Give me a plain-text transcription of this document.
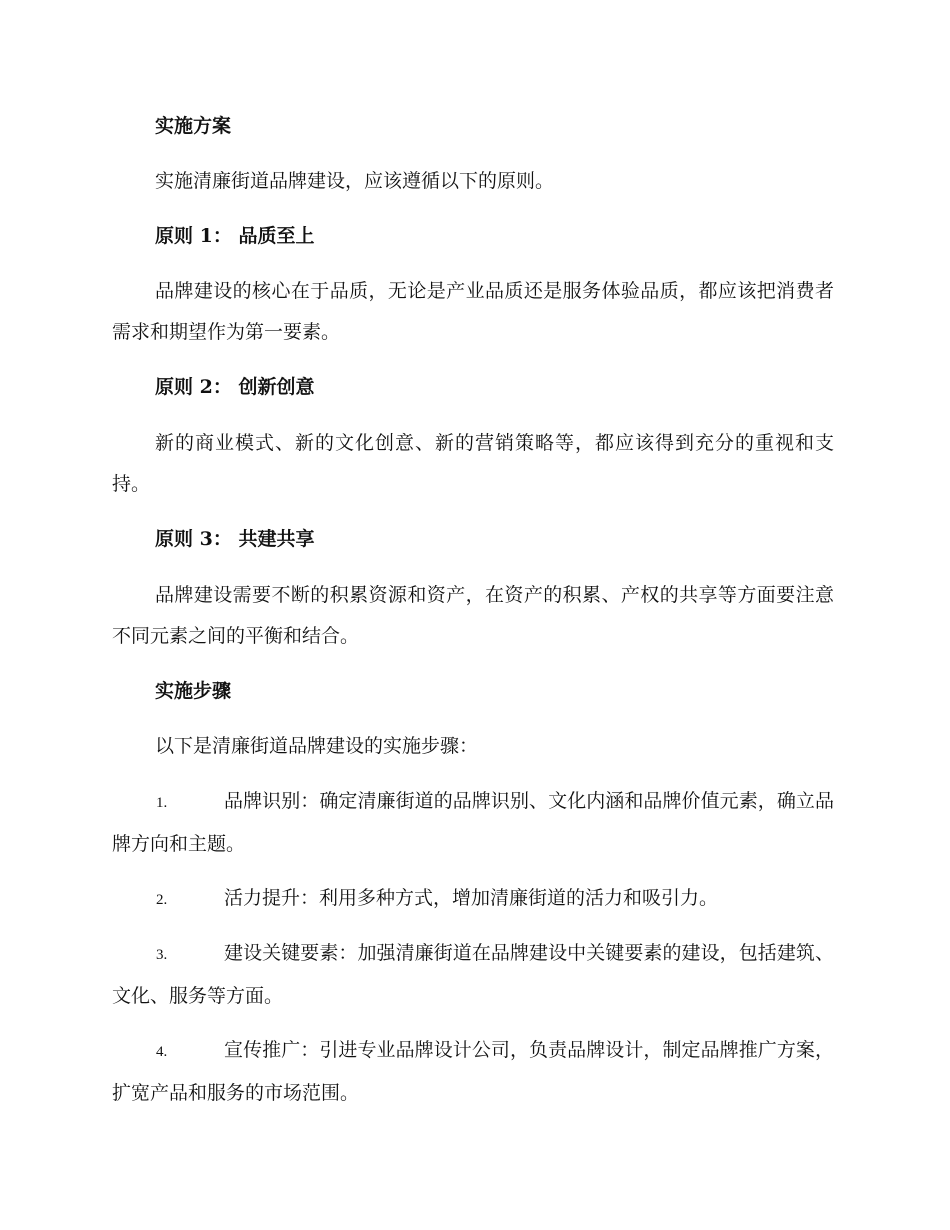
实施方案
实施清廉街道品牌建设，应该遵循以下的原则。
原则 1： 品质至上
品牌建设的核心在于品质，无论是产业品质还是服务体验品质，都应该把消费者需求和期望作为第一要素。
原则 2： 创新创意
新的商业模式、新的文化创意、新的营销策略等，都应该得到充分的重视和支持。
原则 3： 共建共享
品牌建设需要不断的积累资源和资产，在资产的积累、产权的共享等方面要注意不同元素之间的平衡和结合。
实施步骤
以下是清廉街道品牌建设的实施步骤：
1.	品牌识别：确定清廉街道的品牌识别、文化内涵和品牌价值元素，确立品牌方向和主题。
2.	活力提升：利用多种方式，增加清廉街道的活力和吸引力。
3.	建设关键要素：加强清廉街道在品牌建设中关键要素的建设，包括建筑、文化、服务等方面。
4.	宣传推广：引进专业品牌设计公司，负责品牌设计，制定品牌推广方案，扩宽产品和服务的市场范围。
